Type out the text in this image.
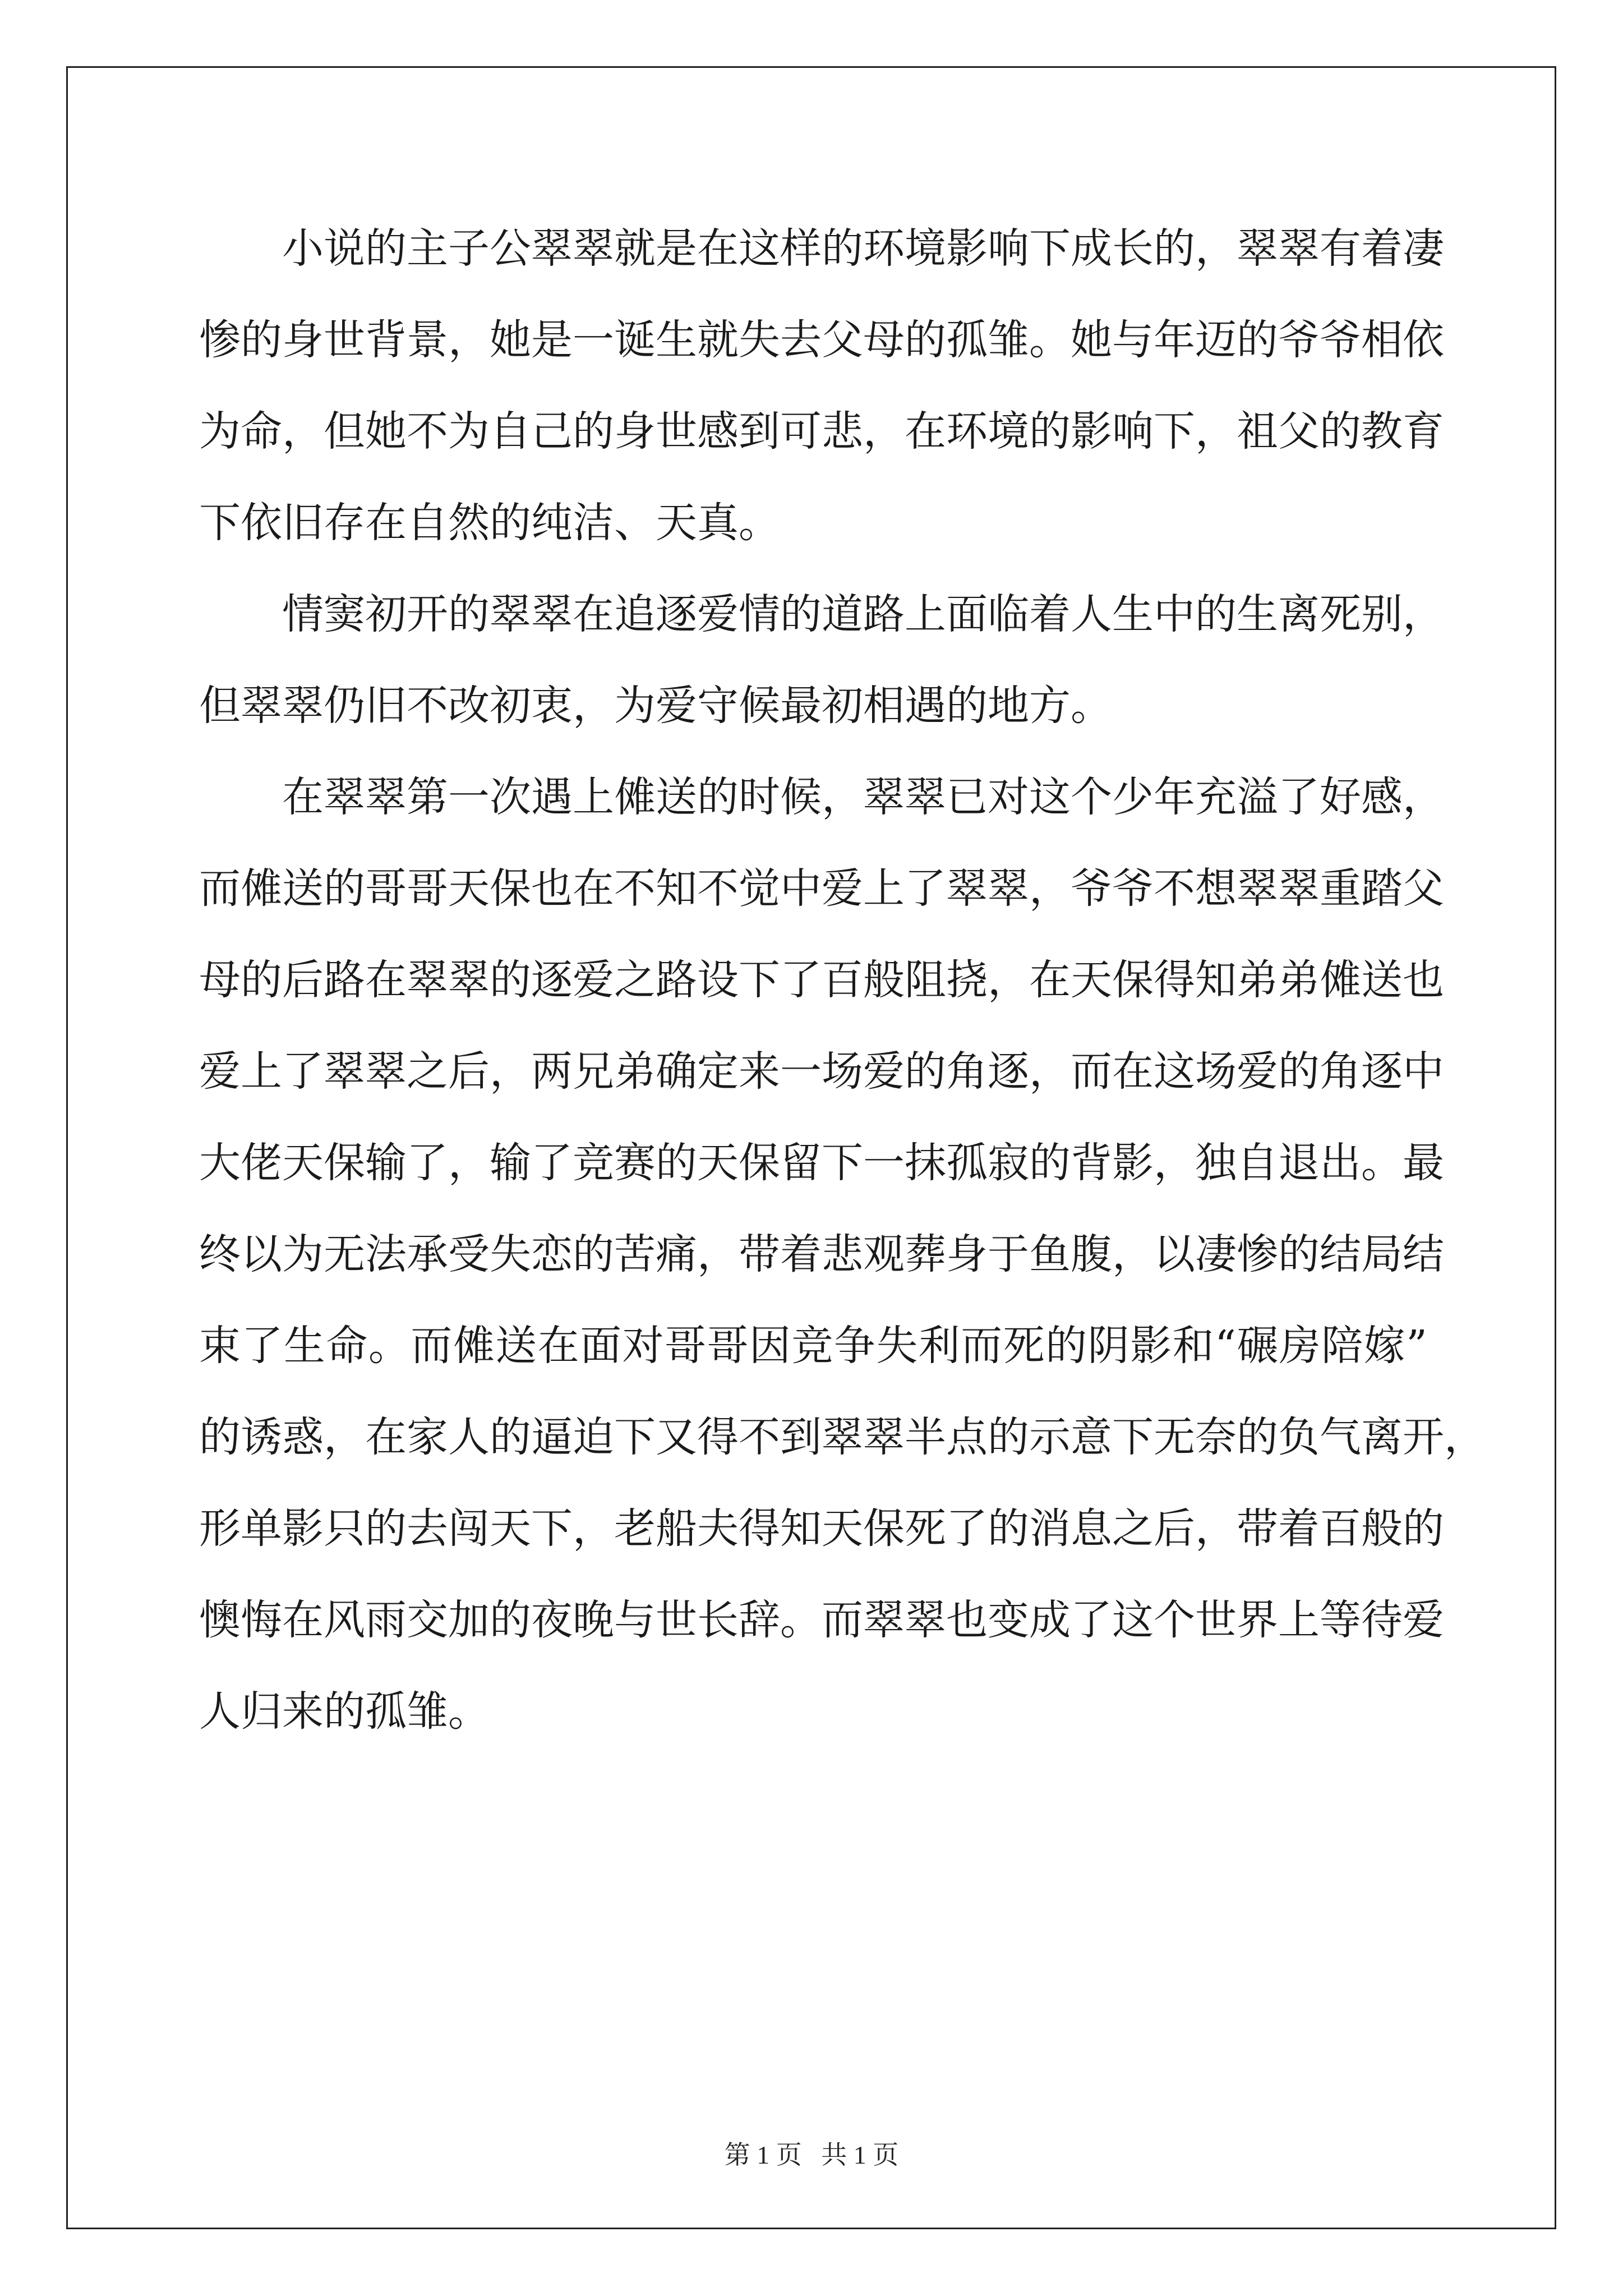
小说的主子公翠翠就是在这样的环境影响下成长的，翠翠有着凄
惨的身世背景，她是一诞生就失去父母的孤雏。她与年迈的爷爷相依
为命，但她不为自己的身世感到可悲，在环境的影响下，祖父的教育
下依旧存在自然的纯洁、天真。
情窦初开的翠翠在追逐爱情的道路上面临着人生中的生离死别，
但翠翠仍旧不改初衷，为爱守候最初相遇的地方。
在翠翠第一次遇上傩送的时候，翠翠已对这个少年充溢了好感，
而傩送的哥哥天保也在不知不觉中爱上了翠翠，爷爷不想翠翠重踏父
母的后路在翠翠的逐爱之路设下了百般阻挠，在天保得知弟弟傩送也
爱上了翠翠之后，两兄弟确定来一场爱的角逐，而在这场爱的角逐中
大佬天保输了，输了竞赛的天保留下一抹孤寂的背影，独自退出。最
终以为无法承受失恋的苦痛，带着悲观葬身于鱼腹，以凄惨的结局结
束了生命。而傩送在面对哥哥因竞争失利而死的阴影和“碾房陪嫁”
的诱惑，在家人的逼迫下又得不到翠翠半点的示意下无奈的负气离开，
形单影只的去闯天下，老船夫得知天保死了的消息之后，带着百般的
懊悔在风雨交加的夜晚与世长辞。而翠翠也变成了这个世界上等待爱
人归来的孤雏。
第 1 页 共 1 页
